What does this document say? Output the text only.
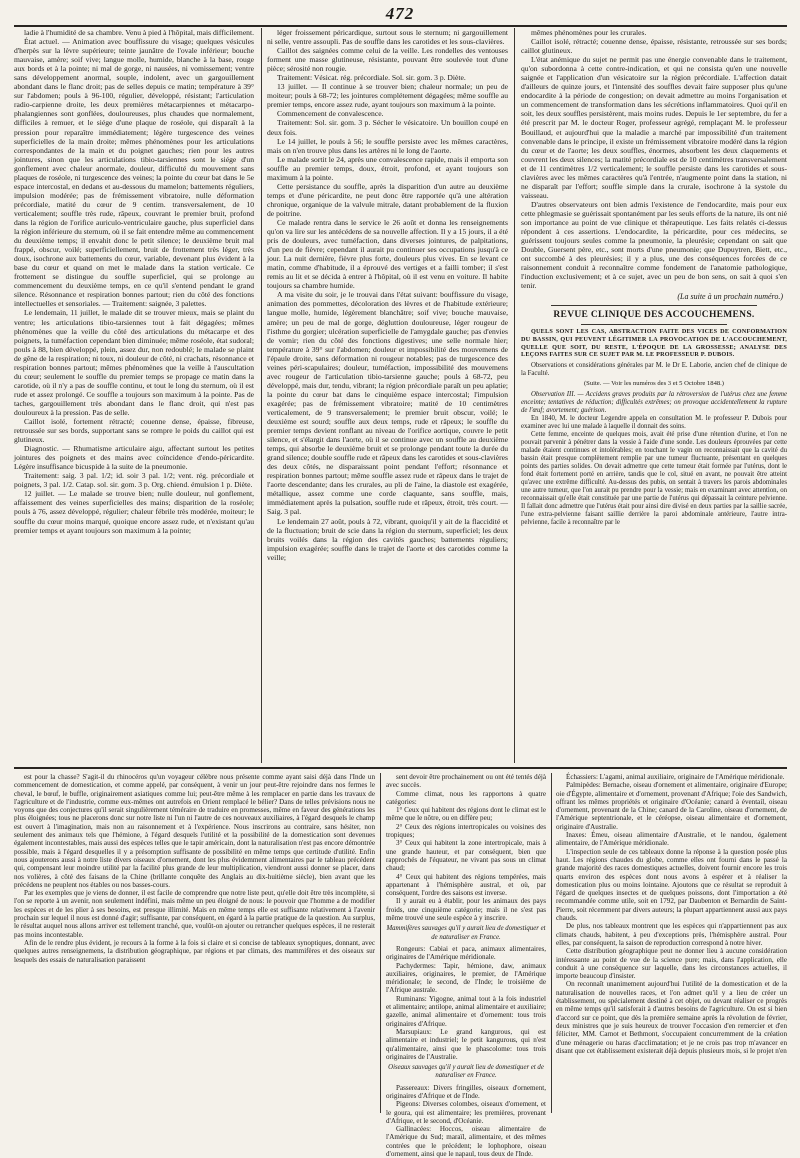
472

ladie à l'humidité de sa chambre. Venu à pied à l'hôpital, mais difficilement.

État actuel. — Animation avec bouffissure du visage; quelques vésicules d'herpès sur la lèvre supérieure; teinte jaunâtre de l'ovale inférieur; bouche mauvaise, amère; soif vive; langue molle, humide, blanche à la base, rouge aux bords et à la pointe; ni mal de gorge, ni nausées, ni vomissement; ventre sans développement anormal, souple, indolent, avec un gargouillement abondant dans le flanc droit; pas de selles depuis ce matin; température à 39° sur l'abdomen; pouls à 96-100, régulier, développé, résistant; l'articulation radio-carpienne droite, les deux premières métacarpiennes et métacarpo-phalangiennes sont gonflées, douloureuses, plus chaudes que normalement, difficiles à remuer, et le siége d'une plaque de roséole, qui disparaît à la pression pour reparaître immédiatement; légère turgescence des veines superficielles de la main droite; mêmes phénomènes pour les articulations correspondantes de la main et du poignet gauches; rien pour les autres jointures, sinon que les articulations tibio-tarsiennes sont le siége d'un gonflement avec chaleur anormale, douleur, difficulté du mouvement sans plaques de roséole, ni turgescence des veines; la pointe du cœur bat dans le 5e espace intercostal, en dedans et au-dessous du mamelon; battements réguliers, impulsion modérée; pas de frémissement vibratoire, nulle déformation précordiale, matité du cœur de 9 centim. transversalement, de 10 verticalement; souffle très rude, râpeux, couvrant le premier bruit, profond dans la région de l'orifice auriculo-ventriculaire gauche, plus superficiel dans la région inférieure du sternum, où il se fait entendre même au commencement du deuxième temps; il envahit donc le petit silence; le deuxième bruit mal frappé, obscur, voilé; superficiellement, bruit de frottement très léger, très doux, isochrone aux battements du cœur, variable, devenant plus évident à la base du cœur et quand on met le malade dans la station verticale. Ce frottement se distingue du souffle superficiel, qui se prolonge au commencement du deuxième temps, en ce qu'il s'entend pendant le grand silence. Résonnance et respiration bonnes partout; rien du côté des fonctions intellectuelles et sensoriales. — Traitement: saignée, 3 palettes.

Le lendemain, 11 juillet, le malade dit se trouver mieux, mais se plaint du ventre; les articulations tibio-tarsiennes tout à fait dégagées; mêmes phénomènes que la veille du côté des articulations du métacarpe et des poignets, la tuméfaction cependant bien diminuée; même roséole, état sudoral; pouls à 88, bien développé, plein, assez dur, non redoublé; le malade se plaint de gêne de la respiration; ni toux, ni douleur de côté, ni crachats, résonnance et respiration bonnes partout; mêmes phénomènes que la veille à l'auscultation du cœur; seulement le souffle du premier temps se propage ce matin dans la carotide, où il n'y a pas de souffle continu, et tout le long du sternum, où il est rude et assez prolongé. Ce souffle a toujours son maximum à la pointe. Pas de taches, gargouillement très abondant dans le flanc droit, qui n'est pas douloureux à la pression. Pas de selle.

Caillot isolé, fortement rétracté; couenne dense, épaisse, fibreuse, retroussée sur ses bords, supportant sans se rompre le poids du caillot qui est glutineux.

Diagnostic. — Rhumatisme articulaire aigu, affectant surtout les petites jointures des poignets et des mains avec coïncidence d'endo-péricardite. Légère insuffisance bicuspide à la suite de la pneumonie.

Traitement: saig. 3 pal. 1/2; id. soir 3 pal. 1/2; vent. rég. précordiale et poignets, 3 pal. 1/2. Catap. sol. sir. gom. 3 p. Org. chiend. émulsion 1 p. Diète.

12 juillet. — Le malade se trouve bien; nulle douleur, nul gonflement, affaissement des veines superficielles des mains; disparition de la roséole; pouls à 76, assez développé, régulier; chaleur fébrile très modérée, moiteur; le souffle du cœur moins marqué, quoique encore assez rude, et n'existant qu'au premier temps et ayant toujours son maximum à la pointe;

léger froissement péricardique, surtout sous le sternum; ni gargouillement ni selle, ventre assoupli. Pas de souffle dans les carotides et les sous-clavières.

Caillot des saignées comme celui de la veille. Les rondelles des ventouses forment une masse glutineuse, résistante, pouvant être soulevée tout d'une pièce; sérosité non rougie.

Traitement: Vésicat. rég. précordiale. Sol. sir. gom. 3 p. Diète.

13 juillet. — Il continue à se trouver bien; chaleur normale; un peu de moiteur; pouls à 68-72; les jointures complétement dégagées; même souffle au premier temps, encore assez rude, ayant toujours son maximum à la pointe.

Commencement de convalescence.

Traitement: Sol. sir. gom. 3 p. Sécher le vésicatoire. Un bouillon coupé en deux fois.

Le 14 juillet, le pouls à 56; le souffle persiste avec les mêmes caractères, mais on n'en trouve plus dans les artères ni le long de l'aorte.

Le malade sortit le 24, après une convalescence rapide, mais il emporta son souffle au premier temps, doux, étroit, profond, et ayant toujours son maximum à la pointe.

Cette persistance du souffle, après la disparition d'un autre au deuxième temps et d'une péricardite, ne peut donc être rapportée qu'à une altération chronique, organique de la valvule mitrale, datant probablement de la fluxion de poitrine.

Ce malade rentra dans le service le 26 août et donna les renseignements qu'on va lire sur les antécédens de sa nouvelle affection. Il y a 15 jours, il a été pris de douleurs, avec tuméfaction, dans diverses jointures, de palpitations, d'un peu de fièvre; cependant il aurait pu continuer ses occupations jusqu'à ce jour. La nuit dernière, fièvre plus forte, douleurs plus vives. En se levant ce matin, comme d'habitude, il a éprouvé des vertiges et a failli tomber; il s'est remis au lit et se décida à entrer à l'hôpital, où il est venu en voiture. Il habite toujours sa chambre humide.

A ma visite du soir, je le trouvai dans l'état suivant: bouffissure du visage, animation des pommettes, décoloration des lèvres et de l'habitude extérieure; langue molle, humide, légèrement blanchâtre; soif vive; bouche mauvaise, amère; un peu de mal de gorge, dégluttion douloureuse, léger rougeur de l'isthme du gorgier; ulcération superficielle de l'amygdale gauche; pas d'envies de vomir; rien du côté des fonctions digestives; une selle normale hier; température à 39° sur l'abdomen; douleur et impossibilité des mouvemens de l'épaule droite, sans déformation ni rougeur notables; pas de turgescence des veines péri-scapulaires; douleur, tuméfaction, impossibilité des mouvemens avec rougeur de l'articulation tibio-tarsienne gauche; pouls à 68-72, peu développé, mais dur, tendu, vibrant; la région précordiale paraît un peu aplatie; la pointe du cœur bat dans le cinquième espace intercostal; l'impulsion exagérée; pas de frémissement vibratoire; matité de 10 centimètres verticalement, de 9 transversalement; le premier bruit obscur, voilé; le deuxième est sourd; souffle aux deux temps, rude et râpeux; le souffle du premier temps devient ronflant au niveau de l'orifice aortique, couvre le petit silence, et s'élargit dans l'aorte, où il se continue avec un souffle au deuxième temps, qui absorbe le deuxième bruit et se prolonge pendant toute la durée du grand silence; double souffle rude et râpeux dans les carotides et sous-clavières des deux côtés, ne disparaissant point pendant l'effort; résonnance et respiration bonnes partout; même souffle assez rude et râpeux dans le trajet de l'aorte descendante; dans les crurales, au pli de l'aine, la diastole est exagérée, métallique, assez comme une corde claquante, sans souffle, mais, immédiatement après la pulsation, souffle rude et râpeux, étroit, très court. — Saig. 3 pal.

Le lendemain 27 août, pouls à 72, vibrant, quoiqu'il y ait de la flaccidité et de la fluctuation; bruit de scie dans la région du sternum, superficiel; les deux bruits voilés dans la région des cavités gauches; battements réguliers; impulsion exagérée; souffle dans le trajet de l'aorte et des carotides comme la veille;

mêmes phénomènes pour les crurales.

Caillot isolé, rétracté; couenne dense, épaisse, résistante, retroussée sur ses bords; caillot glutineux.

L'état anémique du sujet ne permit pas une énergie convenable dans le traitement, qu'on subordonna à cette contre-indication, et qui ne consista qu'en une nouvelle saignée et l'application d'un vésicatoire sur la région précordiale. L'affection datait d'ailleurs de quinze jours, et l'intensité des souffles devait faire supposer plus qu'une endocardite à la période de congestion; on devait admettre au moins l'organisation et un commencement de transformation dans les sécrétions inflammatoires. Quoi qu'il en soit, les deux souffles persistèrent, mais moins rudes. Depuis le 1er septembre, du fer a été prescrit par M. le docteur Roger, professeur agrégé, remplaçant M. le professeur Bouillaud, et aujourd'hui que la maladie a marché par impossibilité d'un traitement convenable dans le principe, il existe un frémissement vibratoire modéré dans la région du cœur et de l'aorte; les deux souffles, énormes, absorbent les deux claquements et couvrent les deux silences; la matité précordiale est de 10 centimètres transversalement et de 11 centimètres 1/2 verticalement; le souffle persiste dans les carotides et sous-clavières avec les mêmes caractères qu'à l'entrée, n'augmente point dans la station, ni ne disparaît par l'effort; souffle simple dans la crurale, isochrone à la systole du vaisseau.

D'autres observateurs ont bien admis l'existence de l'endocardite, mais pour eux cette phlegmasie se guérissait spontanément par les seuls efforts de la nature, ils ont nié son importance au point de vue clinique et thérapeutique. Les faits relatés ci-dessus répondent à ces assertions. L'endocardite, la péricardite, pour ces médecins, se guérissent toujours seules comme la pneumonie, la pleurésie; cependant on sait que Double, Guersent père, etc., sont morts d'une pneumonie; que Dupuytren, Biett, etc., ont succombé à des pleurésies; il y a plus, une des conséquences forcées de ce raisonnement conduit à reconnaître comme fondement de l'anatomie pathologique, l'induction exclusivement; et à ce sujet, avec un peu de bon sens, on sait à quoi s'en tenir.

(La suite à un prochain numéro.)
REVUE CLINIQUE DES ACCOUCHEMENS.
QUELS SONT LES CAS, ABSTRACTION FAITE DES VICES DE CONFORMATION DU BASSIN, QUI PEUVENT LÉGITIMER LA PROVOCATION DE L'ACCOUCHEMENT, QUELLE QUE SOIT, DU RESTE, L'ÉPOQUE DE LA GROSSESSE; ANALYSE DES LEÇONS FAITES SUR CE SUJET PAR M. LE PROFESSEUR P. DUBOIS.

Observations et considérations générales par M. le Dr E. Laborie, ancien chef de clinique de la Faculté.

(Suite. — Voir les numéros des 3 et 5 Octobre 1848.)

Observation III. — Accidens graves produits par la rétroversion de l'utérus chez une femme enceinte; tentatives de réduction; difficultés extrêmes; on provoque accidentellement la rupture de l'œuf; avortement; guérison.

En 1840, M. le docteur Legendre appela en consultation M. le professeur P. Dubois pour examiner avec lui une malade à laquelle il donnait des soins.

Cette femme, enceinte de quelques mois, avait été prise d'une rétention d'urine, et l'on ne pouvait parvenir à pénétrer dans la vessie à l'aide d'une sonde. Les douleurs éprouvées par cette malade étaient continues et intolérables; en touchant le vagin on reconnaissait que la cavité du bassin était presque complètement remplie par une tumeur fluctuante, présentant en quelques points des parties solides. On devait admettre que cette tumeur était formée par l'utérus, dont le fond était fortement porté en arrière, tandis que le col, situé en avant, ne pouvait être atteint qu'avec une extrême difficulté. Au-dessus des pubis, on sentait à travers les parois abdominales une autre tumeur, que l'on aurait pu prendre pour la vessie; mais en examinant avec attention, on reconnaissait qu'elle était constituée par une partie de l'utérus qui dépassait la ceinture pelvienne. Il fallait donc admettre que l'utérus était pour ainsi dire divisé en deux parties par la saillie sacrée, l'une extra-pelvienne faisant saillie derrière la paroi abdominale antérieure, l'autre intra-pelvienne, facile à reconnaître par le

est pour la chasse? S'agit-il du rhinocéros qu'un voyageur célèbre nous présente comme ayant saisi déjà dans l'Inde un commencement de domestication, et comme appelé, par conséquent, à venir un jour peut-être rejoindre dans nos fermes le cheval, le bœuf, le buffle, originairement asiatiques comme lui; peut-être même à les remplacer en partie dans les travaux de l'agriculture et de l'industrie, comme eux-mêmes ont autrefois en Orient remplacé le bélier? Dans de telles prévisions nous ne voyons que des conjectures qu'il serait singulièrement téméraire de traduire en promesses, même en faveur des générations les plus éloignées; tous ne placerons donc sur notre liste ni l'un ni l'autre de ces nouveaux auxiliaires, à l'égard desquels le champ est ouvert à l'imagination, mais non au raisonnement et à l'expérience. Nous inscrirons au contraire, sans hésiter, non seulement des animaux tels que l'hémione, à l'égard desquels l'utilité et la possibilité de la domestication sont devenues également incontestables, mais aussi des espèces telles que le tapir américain, dont la naturalisation n'est pas encore démontrée possible, mais à l'égard desquelles il y a présomption suffisante de possibilité en même temps que certitude d'utilité. Enfin nous ajouterons aussi à notre liste divers oiseaux d'ornement, dont les plus évidemment alimentaires par le tableau précédent qui, compensant leur moindre utilité par la facilité plus grande de leur multiplication, viendront aussi donner se placer, dans nos volières, à côté des faisans de la Chine (brillante conquête des Anglais au dix-huitième siècle), bien avant que les précédens ne peuplent nos étables ou nos basses-cours.

Par les exemples que je viens de donner, il est facile de comprendre que notre liste peut, qu'elle doit être très incomplète, si l'on se reporte à un avenir, non seulement indéfini, mais même un peu éloigné de nous: le pouvoir que l'homme a de modifier les espèces et de les plier à ses besoins, est presque illimité. Mais en même temps elle est suffisante relativement à l'avenir prochain sur lequel il nous est donné d'agir; suffisante, par conséquent, en égard à la partie pratique de la question. Au surplus, le résultat auquel nous allons arriver est tellement tranché, que, voulût-on ajouter ou retrancher quelques espèces, il ne resterait pas moins incontestable.

Afin de le rendre plus évident, je recours à la forme à la fois si claire et si concise de tableaux synoptiques, donnant, avec quelques autres renseignemens, la distribution géographique, par régions et par climats, des mammifères et des oiseaux sur lesquels des essais de naturalisation paraissent

sent devoir être prochainement ou ont été tentés déjà avec succès.

Comme climat, nous les rapportons à quatre catégories:

1° Ceux qui habitent des régions dont le climat est le même que le nôtre, ou en diffère peu;

2° Ceux des régions intertropicales ou voisines des tropiques;

3° Ceux qui habitent la zone intertropicale, mais à une grande hauteur, et par conséquent, bien que rapprochés de l'équateur, ne vivant pas sous un climat chaud;

4° Ceux qui habitent des régions tempérées, mais appartenant à l'hémisphère austral, et où, par conséquent, l'ordre des saisons est inverse.

Il y aurait eu à établir, pour les animaux des pays froids, une cinquième catégorie; mais il ne s'est pas même trouvé une seule espèce à y inscrire.

Mammifères sauvages qu'il y aurait lieu de domestiquer et de naturaliser en France.

Rongeurs: Cabiai et paca, animaux alimentaires, originaires de l'Amérique méridionale.

Pachydermes: Tapir, hémione, daw, animaux auxiliaires, originaires, le premier, de l'Amérique méridionale; le second, de l'Inde; le troisième de l'Afrique australe.

Ruminans: Yigogne, animal tout à la fois industriel et alimentaire; antilope, animal alimentaire et auxiliaire; gazelle, animal alimentaire et d'ornement: tous trois originaires d'Afrique.

Marsupiaux: Le grand kangurous, qui est alimentaire et industriel; le petit kangurous, qui n'est qu'alimentaire, ainsi que le phascolome: tous trois originaires de l'Australie.

Oiseaux sauvages qu'il y aurait lieu de domestiquer et de naturaliser en France.

Passereaux: Divers fringilles, oiseaux d'ornement, originaires d'Afrique et de l'Inde.

Pigeons: Diverses colombes, oiseaux d'ornement, et le goura, qui est alimentaire; les premières, provenant d'Afrique, et le second, d'Océanie.

Gallinacées: Hoccos, oiseau alimentaire de l'Amérique du Sud; maraïl, alimentaire, et des mêmes contrées que le précédent; le lophophore, oiseau d'ornement, ainsi que le napaul, tous deux de l'Inde.

Échassiers: L'agami, animal auxiliaire, originaire de l'Amérique méridionale.

Palmipèdes: Bernache, oiseau d'ornement et alimentaire, originaire d'Europe; oie d'Égypte, alimentaire et d'ornement, provenant d'Afrique; l'oie des Sandwich, offrant les mêmes propriétés et originaire d'Océanie; canard à éventail, oiseau d'ornement, provenant de la Chine; canard de la Caroline, oiseau d'ornement, de l'Amérique septentrionale, et le céréopse, oiseau alimentaire et d'ornement, originaire d'Australie.

Inaxes: Émeu, oiseau alimentaire d'Australie, et le nandou, également alimentaire, de l'Amérique méridionale.

L'inspection seule de ces tableaux donne la réponse à la question posée plus haut. Les régions chaudes du globe, comme elles ont fourni dans le passé la grande majorité des races domestiques actuelles, doivent fournir encore les trois quarts environ des espèces dont nous avons à espérer et à réaliser la domestication plus ou moins lointaine. Ajoutons que ce résultat se reproduit à l'égard de quelques insectes et de quelques poissons, dont l'importation a été recommandée comme utile, soit en 1792, par Daubenton et Bernardin de Saint-Pierre, soit récemment par divers auteurs; la plupart appartiennent aussi aux pays chauds.

De plus, nos tableaux montrent que les espèces qui n'appartiennent pas aux climats chauds, habitent, à peu d'exceptions près, l'hémisphère austral. Pour elles, par conséquent, la saison de reproduction correspond à notre hiver.

Cette distribution géographique peut ne donner lieu à aucune considération intéressante au point de vue de la science pure; mais, dans l'application, elle conduit à une conséquence sur laquelle, dans les circonstances actuelles, il importe beaucoup d'insister.

On reconnaît unanimement aujourd'hui l'utilité de la domestication et de la naturalisation de nouvelles races, et l'on admet qu'il y a lieu de créer un établissement, ou spécialement destiné à cet objet, ou devant réaliser ce progrès en même temps qu'il satisferait à d'autres besoins de l'agriculture. On est si bien d'accord sur ce point, que dès la première semaine après la révolution de février, deux ministres que je suis heureux de trouver l'occasion d'en remercier et d'en féliciter, MM. Carnot et Bethmont, s'occupaient concurremment de la création d'une ménagerie ou haras d'acclimatation; et je ne crois pas trop m'avancer en disant que cet établissement existerait déjà depuis plusieurs mois, si le projet n'en
